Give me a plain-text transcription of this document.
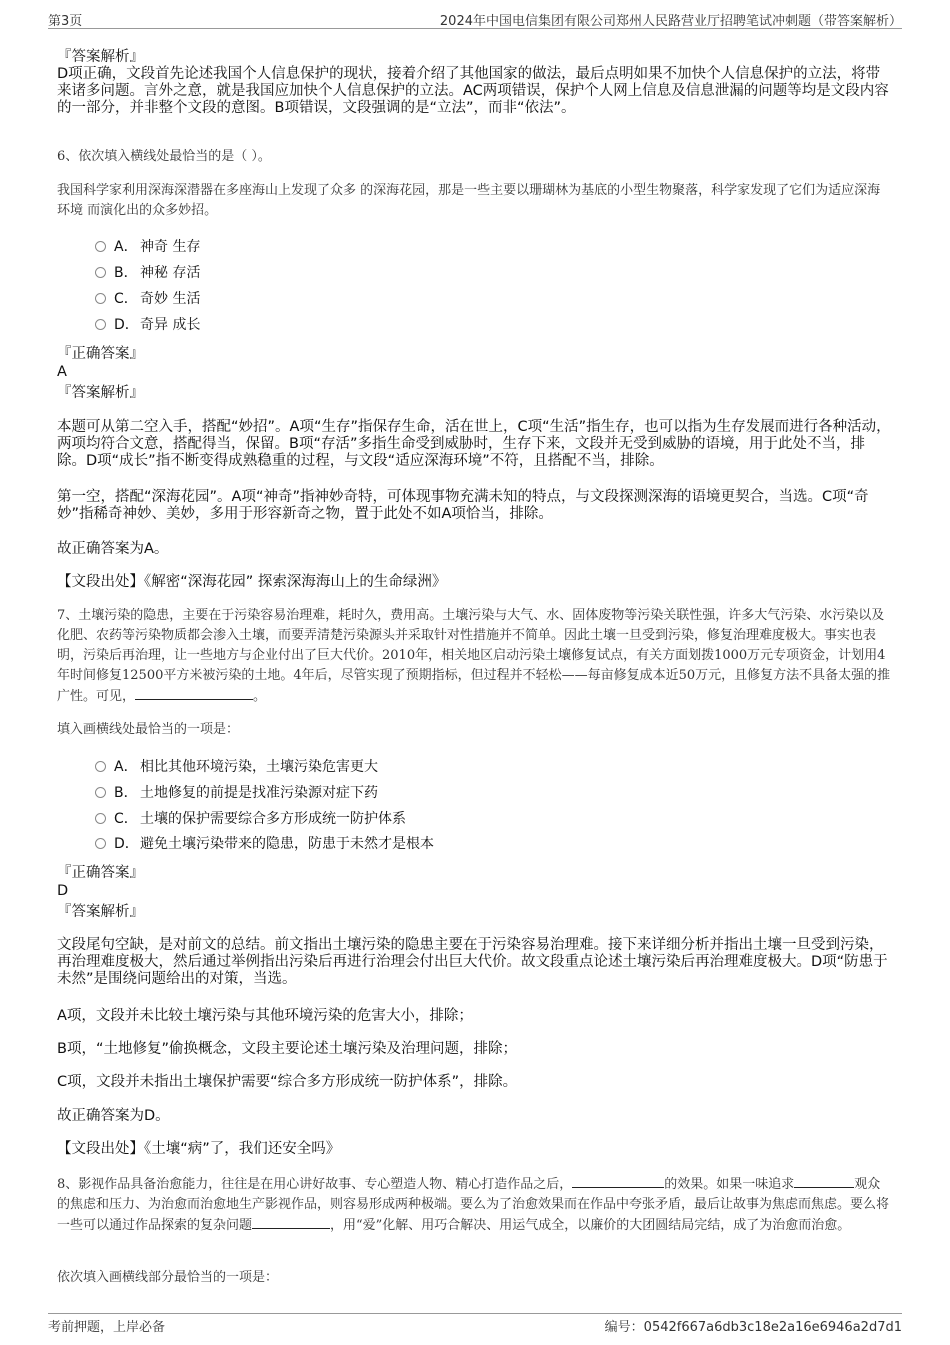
第3页	2024年中国电信集团有限公司郑州人民路营业厅招聘笔试冲刺题（带答案解析）
『答案解析』
D项正确，文段首先论述我国个人信息保护的现状，接着介绍了其他国家的做法，最后点明如果不加快个人信息保护的立法，将带来诸多问题。言外之意，就是我国应加快个人信息保护的立法。AC两项错误，保护个人网上信息及信息泄漏的问题等均是文段内容的一部分，并非整个文段的意图。B项错误，文段强调的是“立法”，而非“依法”。
6、依次填入横线处最恰当的是（ ）。
我国科学家利用深海深潜器在多座海山上发现了众多 的深海花园，那是一些主要以珊瑚林为基底的小型生物聚落，科学家发现了它们为适应深海环境 而演化出的众多妙招。
A． 神奇 生存
B． 神秘 存活
C． 奇妙 生活
D．奇异 成长
『正确答案』
A
『答案解析』
本题可从第二空入手，搭配“妙招”。A项“生存”指保存生命，活在世上，C项“生活”指生存，也可以指为生存发展而进行各种活动，两项均符合文意，搭配得当，保留。B项“存活”多指生命受到威胁时，生存下来，文段并无受到威胁的语境，用于此处不当，排除。D项“成长”指不断变得成熟稳重的过程，与文段“适应深海环境”不符，且搭配不当，排除。
第一空，搭配“深海花园”。A项“神奇”指神妙奇特，可体现事物充满未知的特点，与文段探测深海的语境更契合，当选。C项“奇妙”指稀奇神妙、美妙，多用于形容新奇之物，置于此处不如A项恰当，排除。
故正确答案为A。
【文段出处】《解密“深海花园” 探索深海海山上的生命绿洲》
7、土壤污染的隐患，主要在于污染容易治理难，耗时久，费用高。土壤污染与大气、水、固体废物等污染关联性强，许多大气污染、水污染以及化肥、农药等污染物质都会渗入土壤，而要弄清楚污染源头并采取针对性措施并不简单。因此土壤一旦受到污染，修复治理难度极大。事实也表明，污染后再治理，让一些地方与企业付出了巨大代价。2010年，相关地区启动污染土壤修复试点，有关方面划拨1000万元专项资金，计划用4年时间修复12500平方米被污染的土地。4年后，尽管实现了预期指标，但过程并不轻松——每亩修复成本近50万元，且修复方法不具备太强的推广性。可见，	。
填入画横线处最恰当的一项是：
A． 相比其他环境污染，土壤污染危害更大
B． 土地修复的前提是找准污染源对症下药
C． 土壤的保护需要综合多方形成统一防护体系
D．避免土壤污染带来的隐患，防患于未然才是根本
『正确答案』
D
『答案解析』
文段尾句空缺，是对前文的总结。前文指出土壤污染的隐患主要在于污染容易治理难。接下来详细分析并指出土壤一旦受到污染，再治理难度极大，然后通过举例指出污染后再进行治理会付出巨大代价。故文段重点论述土壤污染后再治理难度极大。D项“防患于未然”是围绕问题给出的对策，当选。
A项，文段并未比较土壤污染与其他环境污染的危害大小，排除；
B项，“土地修复”偷换概念，文段主要论述土壤污染及治理问题，排除；
C项，文段并未指出土壤保护需要“综合多方形成统一防护体系”，排除。
故正确答案为D。
【文段出处】《土壤“病”了，我们还安全吗》
8、影视作品具备治愈能力，往往是在用心讲好故事、专心塑造人物、精心打造作品之后，	的效果。如果一味追求	观众的焦虑和压力、为治愈而治愈地生产影视作品，则容易形成两种极端。要么为了治愈效果而在作品中夸张矛盾，最后让故事为焦虑而焦虑。要么将一些可以通过作品探索的复杂问题	，用“爱”化解、用巧合解决、用运气成全，以廉价的大团圆结局完结，成了为治愈而治愈。
依次填入画横线部分最恰当的一项是：
考前押题，上岸必备	编号：0542f667a6db3c18e2a16e6946a2d7d1
